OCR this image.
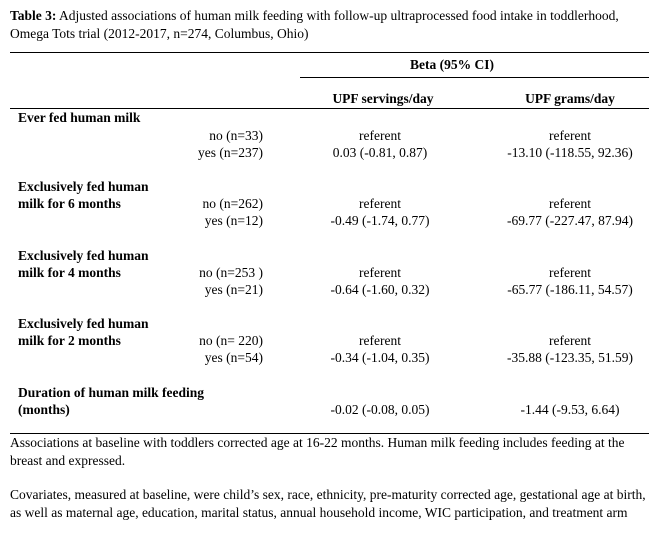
Table 3: Adjusted associations of human milk feeding with follow-up ultraprocessed food intake in toddlerhood, Omega Tots trial (2012-2017, n=274, Columbus, Ohio)
Beta (95% CI)
UPF servings/day	UPF grams/day
Ever fed human milk
no (n=33)	referent	referent
yes (n=237)	0.03 (-0.81, 0.87)	-13.10 (-118.55, 92.36)
Exclusively fed human
milk for 6 months	no (n=262)	referent	referent
yes (n=12)	-0.49 (-1.74, 0.77)	-69.77 (-227.47, 87.94)
Exclusively fed human
milk for 4 months	no (n=253 )	referent	referent
yes (n=21)	-0.64 (-1.60, 0.32)	-65.77 (-186.11, 54.57)
Exclusively fed human
milk for 2 months	no (n= 220)	referent	referent
yes (n=54)	-0.34 (-1.04, 0.35)	-35.88 (-123.35, 51.59)
Duration of human milk feeding
(months)	-0.02 (-0.08, 0.05)	-1.44 (-9.53, 6.64)
Associations at baseline with toddlers corrected age at 16-22 months. Human milk feeding includes feeding at the breast and expressed.
Covariates, measured at baseline, were child’s sex, race, ethnicity, pre-maturity corrected age, gestational age at birth, as well as maternal age, education, marital status, annual household income, WIC participation, and treatment arm
